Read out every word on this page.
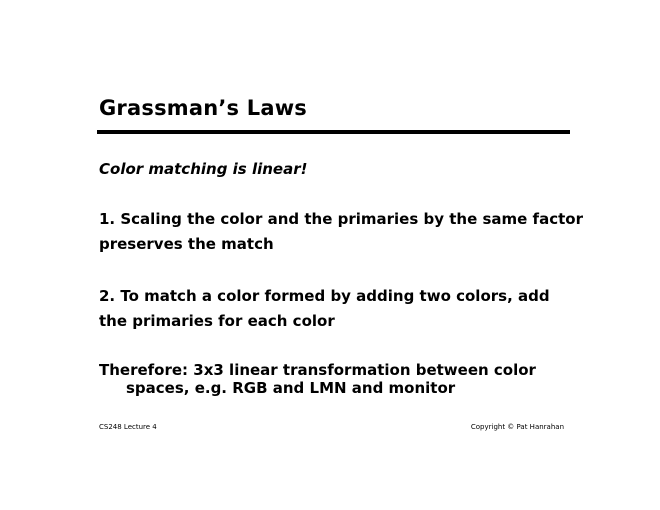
Grassman’s Laws
Color matching is linear!
1. Scaling the color and the primaries by the same factor
preserves the match
2. To match a color formed by adding two colors, add
the primaries for each color
Therefore: 3x3 linear transformation between color
spaces, e.g. RGB and LMN and monitor
CS248 Lecture 4	Copyright © Pat Hanrahan
